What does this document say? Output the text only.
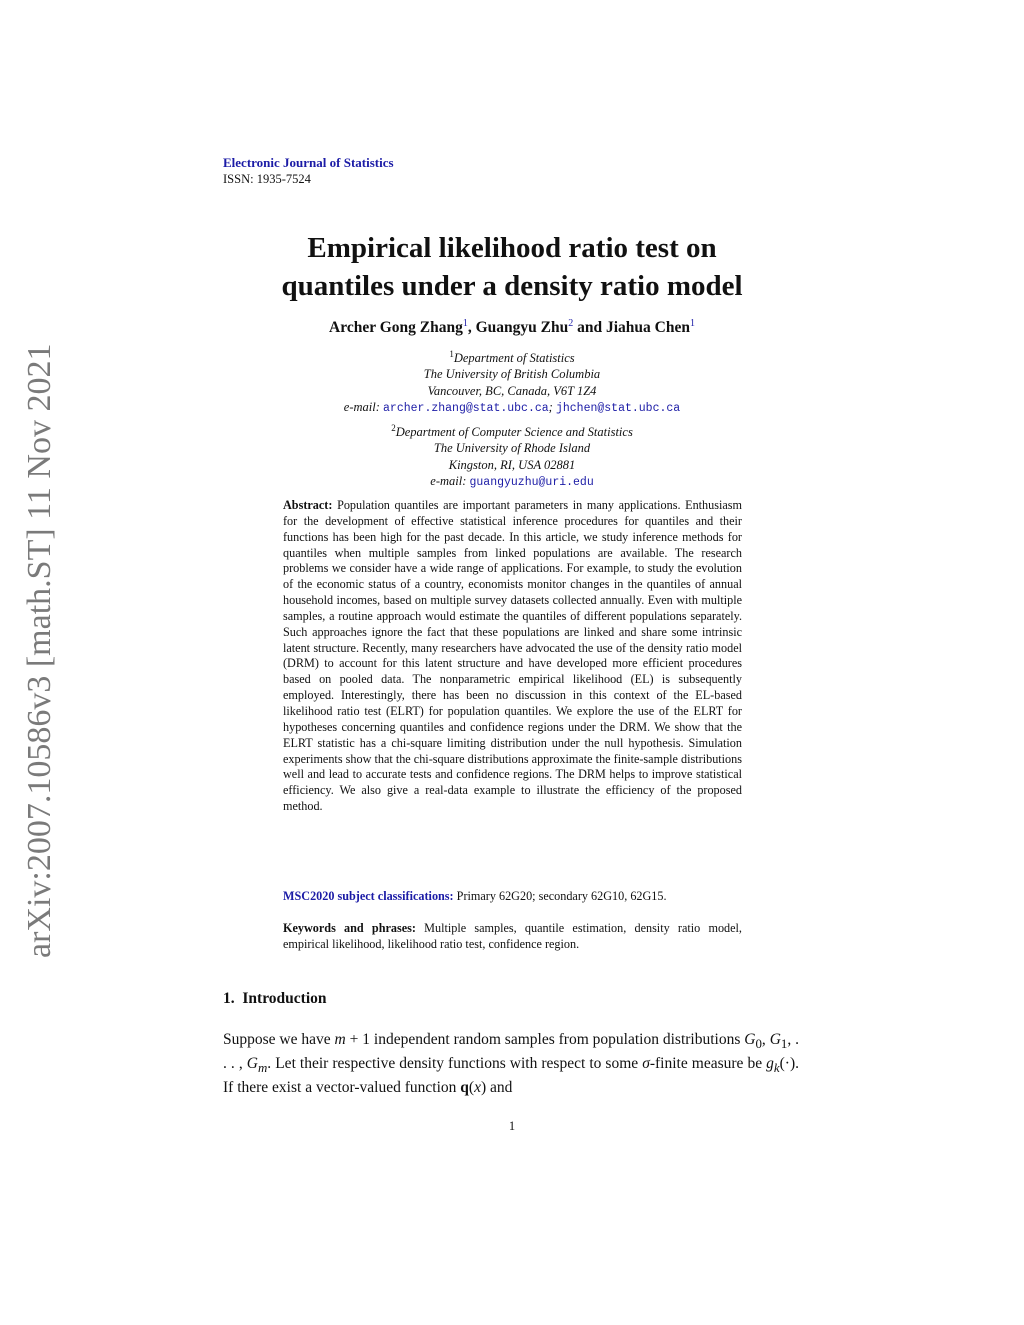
Electronic Journal of Statistics
ISSN: 1935-7524
Empirical likelihood ratio test on
quantiles under a density ratio model
Archer Gong Zhang$^1$, Guangyu Zhu$^2$ and Jiahua Chen$^1$
$^1$Department of Statistics
The University of British Columbia
Vancouver, BC, Canada, V6T 1Z4
e-mail: archer.zhang@stat.ubc.ca; jhchen@stat.ubc.ca
$^2$Department of Computer Science and Statistics
The University of Rhode Island
Kingston, RI, USA 02881
e-mail: guangyuzhu@uri.edu
Abstract: Population quantiles are important parameters in many applications. Enthusiasm for the development of effective statistical inference procedures for quantiles and their functions has been high for the past decade. In this article, we study inference methods for quantiles when multiple samples from linked populations are available. The research problems we consider have a wide range of applications. For example, to study the evolution of the economic status of a country, economists monitor changes in the quantiles of annual household incomes, based on multiple survey datasets collected annually. Even with multiple samples, a routine approach would estimate the quantiles of different populations separately. Such approaches ignore the fact that these populations are linked and share some intrinsic latent structure. Recently, many researchers have advocated the use of the density ratio model (DRM) to account for this latent structure and have developed more efficient procedures based on pooled data. The nonparametric empirical likelihood (EL) is subsequently employed. Interestingly, there has been no discussion in this context of the EL-based likelihood ratio test (ELRT) for population quantiles. We explore the use of the ELRT for hypotheses concerning quantiles and confidence regions under the DRM. We show that the ELRT statistic has a chi-square limiting distribution under the null hypothesis. Simulation experiments show that the chi-square distributions approximate the finite-sample distributions well and lead to accurate tests and confidence regions. The DRM helps to improve statistical efficiency. We also give a real-data example to illustrate the efficiency of the proposed method.
MSC2020 subject classifications: Primary 62G20; secondary 62G10, 62G15.
Keywords and phrases: Multiple samples, quantile estimation, density ratio model, empirical likelihood, likelihood ratio test, confidence region.
1. Introduction
Suppose we have m + 1 independent random samples from population distributions $G_0$, $G_1$, . . . , $G_m$. Let their respective density functions with respect to some σ-finite measure be $g_k(\cdot)$. If there exist a vector-valued function q(x) and
1
arXiv:2007.10586v3 [math.ST] 11 Nov 2021
